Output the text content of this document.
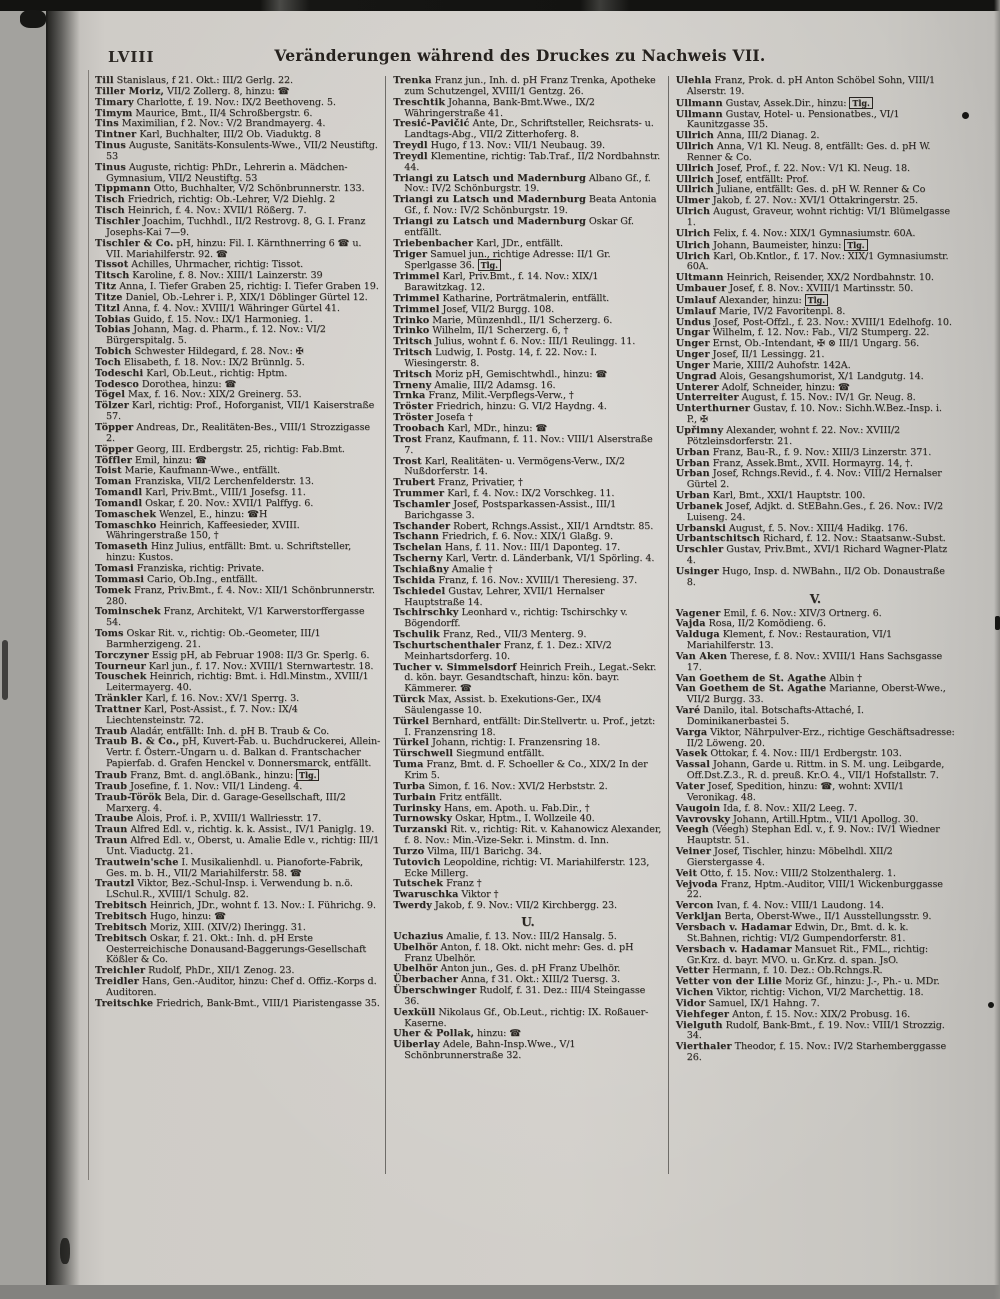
LVIII	Veränderungen während des Druckes zu Nachweis VII.
Till Stanislaus, f 21. Okt.: III/2 Gerlg. 22.
Tiller Moriz, VII/2 Zollerg. 8, hinzu: ☎
Timary Charlotte, f. 19. Nov.: IX/2 Beethoveng. 5.
Timym Maurice, Bmt., II/4 Schroßbergstr. 6.
Tins Maximilian, f 2. Nov.: V/2 Brandmayerg. 4.
Tintner Karl, Buchhalter, III/2 Ob. Viaduktg. 8
Tinus Auguste, Sanitäts-Konsulents-Wwe., VII/2 Neustiftg. 53
Tinus Auguste, richtig: PhDr., Lehrerin a. Mädchen-Gymnasium, VII/2 Neustiftg. 53
Tippmann Otto, Buchhalter, V/2 Schönbrunnerstr. 133.
Tisch Friedrich, richtig: Ob.-Lehrer, V/2 Diehlg. 2
Tisch Heinrich, f. 4. Nov.: XVII/1 Rößerg. 7.
Tischler Joachim, Tuchhdl., II/2 Restrovg. 8, G. I. Franz Josephs-Kai 7—9.
Tischler & Co. pH, hinzu: Fil. I. Kärnthnerring 6 ☎ u. VII. Mariahilferstr. 92. ☎
Tissot Achilles, Uhrmacher, richtig: Tissot.
Titsch Karoline, f. 8. Nov.: XIII/1 Lainzerstr. 39
Titz Anna, I. Tiefer Graben 25, richtig: I. Tiefer Graben 19.
Titze Daniel, Ob.-Lehrer i. P., XIX/1 Döblinger Gürtel 12.
Titzl Anna, f. 4. Nov.: XVIII/1 Währinger Gürtel 41.
Tobias Guido, f. 15. Nov.: IX/1 Harmonieg. 1.
Tobias Johann, Mag. d. Pharm., f. 12. Nov.: VI/2 Bürgerspitalg. 5.
Tobich Schwester Hildegard, f. 28. Nov.: ✠
Toch Elisabeth, f. 18. Nov.: IX/2 Brünnlg. 5.
Todeschi Karl, Ob.Leut., richtig: Hptm.
Todesco Dorothea, hinzu: ☎
Tögel Max, f. 16. Nov.: XIX/2 Greinerg. 53.
Tölzer Karl, richtig: Prof., Hoforganist, VII/1 Kaiserstraße 57.
Töpper Andreas, Dr., Realitäten-Bes., VIII/1 Strozzigasse 2.
Töpper Georg, III. Erdbergstr. 25, richtig: Fab.Bmt.
Töffler Emil, hinzu: ☎
Toist Marie, Kaufmann-Wwe., entfällt.
Toman Franziska, VII/2 Lerchenfelderstr. 13.
Tomandl Karl, Priv.Bmt., VIII/1 Josefsg. 11.
Tomandl Oskar, f. 20. Nov.: XVII/1 Palffyg. 6.
Tomaschek Wenzel, E., hinzu: ☎H
Tomaschko Heinrich, Kaffeesieder, XVIII. Währingerstraße 150, †
Tomaseth Hinz Julius, entfällt: Bmt. u. Schriftsteller, hinzu: Kustos.
Tomasi Franziska, richtig: Private.
Tommasi Cario, Ob.Ing., entfällt.
Tomek Franz, Priv.Bmt., f. 4. Nov.: XII/1 Schönbrunnerstr. 280.
Tominschek Franz, Architekt, V/1 Karwerstorffergasse 54.
Toms Oskar Rit. v., richtig: Ob.-Geometer, III/1 Barmherzigeng. 21.
Torczyner Essig pH, ab Februar 1908: II/3 Gr. Sperlg. 6.
Tourneur Karl jun., f. 17. Nov.: XVIII/1 Sternwartestr. 18.
Touschek Heinrich, richtig: Bmt. i. Hdl.Minstm., XVIII/1 Leitermayerg. 40.
Tränkler Karl, f. 16. Nov.: XV/1 Sperrg. 3.
Trattner Karl, Post-Assist., f. 7. Nov.: IX/4 Liechtensteinstr. 72.
Traub Aladár, entfällt: Inh. d. pH B. Traub & Co.
Traub B. & Co., pH, Kuvert-Fab. u. Buchdruckerei, Allein-Vertr. f. Österr.-Ungarn u. d. Balkan d. Frantschacher Papierfab. d. Grafen Henckel v. Donnersmarck, entfällt.
Traub Franz, Bmt. d. angl.öBank., hinzu: Tlg.
Traub Josefine, f. 1. Nov.: VII/1 Lindeng. 4.
Traub-Török Bela, Dir. d. Garage-Gesellschaft, III/2 Marxerg. 4.
Traube Alois, Prof. i. P., XVIII/1 Wallriesstr. 17.
Traun Alfred Edl. v., richtig. k. k. Assist., IV/1 Paniglg. 19.
Traun Alfred Edl. v., Oberst, u. Amalie Edle v., richtig: III/1 Unt. Viaductg. 21.
Trautwein'sche I. Musikalienhdl. u. Pianoforte-Fabrik, Ges. m. b. H., VII/2 Mariahilferstr. 58. ☎
Trautzl Viktor, Bez.-Schul-Insp. i. Verwendung b. n.ö. LSchul.R., XVIII/1 Schulg. 82.
Trebitsch Heinrich, JDr., wohnt f. 13. Nov.: I. Führichg. 9.
Trebitsch Hugo, hinzu: ☎
Trebitsch Moriz, XIII. (XIV/2) Iheringg. 31.
Trebitsch Oskar, f. 21. Okt.: Inh. d. pH Erste Oesterreichische Donausand-Baggerungs-Gesellschaft Kößler & Co.
Treichler Rudolf, PhDr., XII/1 Zenog. 23.
Treidler Hans, Gen.-Auditor, hinzu: Chef d. Offiz.-Korps d. Auditoren.
Treitschke Friedrich, Bank-Bmt., VIII/1 Piaristengasse 35.
Trenka Franz jun., Inh. d. pH Franz Trenka, Apotheke zum Schutzengel, XVIII/1 Gentzg. 26.
Treschtik Johanna, Bank-Bmt.Wwe., IX/2 Währingerstraße 41.
Tresić-Pavičić Ante, Dr., Schriftsteller, Reichsrats- u. Landtags-Abg., VII/2 Zitterhoferg. 8.
Treydl Hugo, f 13. Nov.: VII/1 Neubaug. 39.
Treydl Klementine, richtig: Tab.Traf., II/2 Nordbahnstr. 44.
Triangi zu Latsch und Madernburg Albano Gf., f. Nov.: IV/2 Schönburgstr. 19.
Triangi zu Latsch und Madernburg Beata Antonia Gf., f. Nov.: IV/2 Schönburgstr. 19.
Triangi zu Latsch und Madernburg Oskar Gf. entfällt.
Triebenbacher Karl, JDr., entfällt.
Triger Samuel jun., richtige Adresse: II/1 Gr. Sperlgasse 36. Tlg.
Trimmel Karl, Priv.Bmt., f. 14. Nov.: XIX/1 Barawitzkag. 12.
Trimmel Katharine, Porträtmalerin, entfällt.
Trimmel Josef, VII/2 Burgg. 108.
Trinko Marie, Münzenhdl., II/1 Scherzerg. 6.
Trinko Wilhelm, II/1 Scherzerg. 6, †
Tritsch Julius, wohnt f. 6. Nov.: III/1 Reulingg. 11.
Tritsch Ludwig, I. Postg. 14, f. 22. Nov.: I. Wiesingerstr. 8.
Tritsch Moriz pH, Gemischtwhdl., hinzu: ☎
Trneny Amalie, III/2 Adamsg. 16.
Trnka Franz, Milit.-Verpflegs-Verw., †
Tröster Friedrich, hinzu: G. VI/2 Haydng. 4.
Tröster Josefa †
Troobach Karl, MDr., hinzu: ☎
Trost Franz, Kaufmann, f. 11. Nov.: VIII/1 Alserstraße 7.
Trost Karl, Realitäten- u. Vermögens-Verw., IX/2 Nußdorferstr. 14.
Trubert Franz, Privatier, †
Trummer Karl, f. 4. Nov.: IX/2 Vorschkeg. 11.
Tschamler Josef, Postsparkassen-Assist., III/1 Barichgasse 3.
Tschander Robert, Rchngs.Assist., XII/1 Arndtstr. 85.
Tschann Friedrich, f. 6. Nov.: XIX/1 Glaßg. 9.
Tschelan Hans, f. 11. Nov.: III/1 Daponteg. 17.
Tscherny Karl, Vertr. d. Länderbank, VI/1 Spörling. 4.
Tschiaßny Amalie †
Tschida Franz, f. 16. Nov.: XVIII/1 Theresieng. 37.
Tschiedel Gustav, Lehrer, XVII/1 Hernalser Hauptstraße 14.
Tschirschky Leonhard v., richtig: Tschirschky v. Bögendorff.
Tschulik Franz, Red., VII/3 Menterg. 9.
Tschurtschenthaler Franz, f. 1. Dez.: XIV/2 Meinhartsdorferg. 10.
Tucher v. Simmelsdorf Heinrich Freih., Legat.-Sekr. d. kön. bayr. Gesandtschaft, hinzu: kön. bayr. Kämmerer. ☎
Türck Max, Assist. b. Exekutions-Ger., IX/4 Säulengasse 10.
Türkel Bernhard, entfällt: Dir.Stellvertr. u. Prof., jetzt: I. Franzensring 18.
Türkel Johann, richtig: I. Franzensring 18.
Türschwell Siegmund entfällt.
Tuma Franz, Bmt. d. F. Schoeller & Co., XIX/2 In der Krim 5.
Turba Simon, f. 16. Nov.: XVI/2 Herbststr. 2.
Turbain Fritz entfällt.
Turinsky Hans, em. Apoth. u. Fab.Dir., †
Turnowsky Oskar, Hptm., I. Wollzeile 40.
Turzanski Rit. v., richtig: Rit. v. Kahanowicz Alexander, f. 8. Nov.: Min.-Vize-Sekr. i. Minstm. d. Inn.
Turzo Vilma, III/1 Barichg. 34.
Tutovich Leopoldine, richtig: VI. Mariahilferstr. 123, Ecke Millerg.
Tutschek Franz †
Twaruschka Viktor †
Twerdy Jakob, f. 9. Nov.: VII/2 Kirchbergg. 23.
U.
Uchazius Amalie, f. 13. Nov.: III/2 Hansalg. 5.
Ubelhör Anton, f. 18. Okt. nicht mehr: Ges. d. pH Franz Ubelhör.
Ubelhör Anton jun., Ges. d. pH Franz Ubelhör.
Überbacher Anna, f 31. Okt.: XIII/2 Tuersg. 3.
Überschwinger Rudolf, f. 31. Dez.: III/4 Steingasse 36.
Uexküll Nikolaus Gf., Ob.Leut., richtig: IX. Roßauer-Kaserne.
Uher & Pollak, hinzu: ☎
Uiberlay Adele, Bahn-Insp.Wwe., V/1 Schönbrunnerstraße 32.
Ulehla Franz, Prok. d. pH Anton Schöbel Sohn, VIII/1 Alserstr. 19.
Ullmann Gustav, Assek.Dir., hinzu: Tlg.
Ullmann Gustav, Hotel- u. Pensionatbes., VI/1 Kaunitzgasse 35.
Ullrich Anna, III/2 Dianag. 2.
Ullrich Anna, V/1 Kl. Neug. 8, entfällt: Ges. d. pH W. Renner & Co.
Ullrich Josef, Prof., f. 22. Nov.: V/1 Kl. Neug. 18.
Ullrich Josef, entfällt: Prof.
Ullrich Juliane, entfällt: Ges. d. pH W. Renner & Co
Ulmer Jakob, f. 27. Nov.: XVI/1 Ottakringerstr. 25.
Ulrich August, Graveur, wohnt richtig: VI/1 Blümelgasse 1.
Ulrich Felix, f. 4. Nov.: XIX/1 Gymnasiumstr. 60A.
Ulrich Johann, Baumeister, hinzu: Tlg.
Ulrich Karl, Ob.Kntlor., f. 17. Nov.: XIX/1 Gymnasiumstr. 60A.
Ultmann Heinrich, Reisender, XX/2 Nordbahnstr. 10.
Umbauer Josef, f. 8. Nov.: XVIII/1 Martinsstr. 50.
Umlauf Alexander, hinzu: Tlg.
Umlauf Marie, IV/2 Favoritenpl. 8.
Undus Josef, Post-Offzl., f. 23. Nov.: XVIII/1 Edelhofg. 10.
Ungar Wilhelm, f. 12. Nov.: Fab., VI/2 Stumperg. 22.
Unger Ernst, Ob.-Intendant, ✠ ⊗ III/1 Ungarg. 56.
Unger Josef, II/1 Lessingg. 21.
Unger Marie, XIII/2 Auhofstr. 142A.
Ungrad Alois, Gesangshumorist, X/1 Landgutg. 14.
Unterer Adolf, Schneider, hinzu: ☎
Unterreiter August, f. 15. Nov.: IV/1 Gr. Neug. 8.
Unterthurner Gustav, f. 10. Nov.: Sichh.W.Bez.-Insp. i. P., ✠
Upřimny Alexander, wohnt f. 22. Nov.: XVIII/2 Pötzleinsdorferstr. 21.
Urban Franz, Bau-R., f. 9. Nov.: XIII/3 Linzerstr. 371.
Urban Franz, Assek.Bmt., XVII. Hormayrg. 14, †.
Urban Josef, Rchngs.Revid., f. 4. Nov.: VIII/2 Hernalser Gürtel 2.
Urban Karl, Bmt., XXI/1 Hauptstr. 100.
Urbanek Josef, Adjkt. d. StEBahn.Ges., f. 26. Nov.: IV/2 Luiseng. 24.
Urbanski August, f. 5. Nov.: XIII/4 Hadikg. 176.
Urbantschitsch Richard, f. 12. Nov.: Staatsanw.-Subst.
Urschler Gustav, Priv.Bmt., XVI/1 Richard Wagner-Platz 4.
Usinger Hugo, Insp. d. NWBahn., II/2 Ob. Donaustraße 8.
V.
Vagener Emil, f. 6. Nov.: XIV/3 Ortnerg. 6.
Vajda Rosa, II/2 Komödieng. 6.
Valduga Klement, f. Nov.: Restauration, VI/1 Mariahilferstr. 13.
Van Aken Therese, f. 8. Nov.: XVIII/1 Hans Sachsgasse 17.
Van Goethem de St. Agathe Albin †
Van Goethem de St. Agathe Marianne, Oberst-Wwe., VII/2 Burgg. 33.
Varé Danilo, ital. Botschafts-Attaché, I. Dominikanerbastei 5.
Varga Viktor, Nährpulver-Erz., richtige Geschäftsadresse: II/2 Löweng. 20.
Vasek Ottokar, f. 4. Nov.: III/1 Erdbergstr. 103.
Vassal Johann, Garde u. Rittm. in S. M. ung. Leibgarde, Off.Dst.Z.3., R. d. preuß. Kr.O. 4., VII/1 Hofstallstr. 7.
Vater Josef, Spedition, hinzu: ☎, wohnt: XVII/1 Veronikag. 48.
Vaugoin Ida, f. 8. Nov.: XII/2 Leeg. 7.
Vavrovsky Johann, Artill.Hptm., VII/1 Apollog. 30.
Veegh (Véegh) Stephan Edl. v., f. 9. Nov.: IV/1 Wiedner Hauptstr. 51.
Veiner Josef, Tischler, hinzu: Möbelhdl. XII/2 Gierstergasse 4.
Veit Otto, f. 15. Nov.: VIII/2 Stolzenthalerg. 1.
Vejvoda Franz, Hptm.-Auditor, VIII/1 Wickenburggasse 22.
Vercon Ivan, f. 4. Nov.: VIII/1 Laudong. 14.
Verkljan Berta, Oberst-Wwe., II/1 Ausstellungsstr. 9.
Versbach v. Hadamar Edwin, Dr., Bmt. d. k. k. St.Bahnen, richtig: VI/2 Gumpendorferstr. 81.
Versbach v. Hadamar Mansuet Rit., FML., richtig: Gr.Krz. d. bayr. MVO. u. Gr.Krz. d. span. JsO.
Vetter Hermann, f. 10. Dez.: Ob.Rchngs.R.
Vetter von der Lilie Moriz Gf., hinzu: J.-, Ph.- u. MDr.
Vichen Viktor, richtig: Vichon, VI/2 Marchettig. 18.
Vidor Samuel, IX/1 Hahng. 7.
Viehfeger Anton, f. 15. Nov.: XIX/2 Probusg. 16.
Vielguth Rudolf, Bank-Bmt., f. 19. Nov.: VIII/1 Strozzig. 34.
Vierthaler Theodor, f. 15. Nov.: IV/2 Starhemberggasse 26.
